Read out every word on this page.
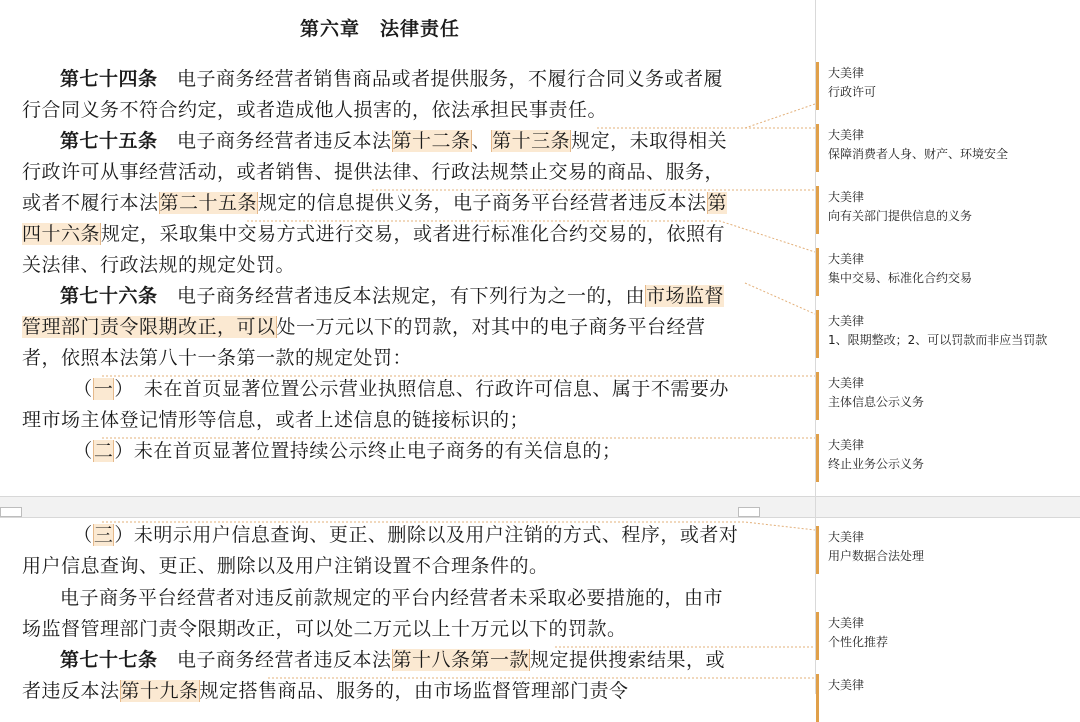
第六章　法律责任
第七十四条　电子商务经营者销售商品或者提供服务，不履行合同义务或者履行合同义务不符合约定，或者造成他人损害的，依法承担民事责任。
第七十五条　电子商务经营者违反本法第十二条、第十三条规定，未取得相关行政许可从事经营活动，或者销售、提供法律、行政法规禁止交易的商品、服务，或者不履行本法第二十五条规定的信息提供义务，电子商务平台经营者违反本法第四十六条规定，采取集中交易方式进行交易，或者进行标准化合约交易的，依照有关法律、行政法规的规定处罚。
第七十六条　电子商务经营者违反本法规定，有下列行为之一的，由市场监督管理部门责令限期改正，可以处一万元以下的罚款，对其中的电子商务平台经营者，依照本法第八十一条第一款的规定处罚：
（一）　未在首页显著位置公示营业执照信息、行政许可信息、属于不需要办理市场主体登记情形等信息，或者上述信息的链接标识的；
（二）未在首页显著位置持续公示终止电子商务的有关信息的；
（三）未明示用户信息查询、更正、删除以及用户注销的方式、程序，或者对用户信息查询、更正、删除以及用户注销设置不合理条件的。
电子商务平台经营者对违反前款规定的平台内经营者未采取必要措施的，由市场监督管理部门责令限期改正，可以处二万元以上十万元以下的罚款。
第七十七条　电子商务经营者违反本法第十八条第一款规定提供搜索结果，或者违反本法第十九条规定搭售商品、服务的，由市场监督管理部门责令
大美律
行政许可
大美律
保障消费者人身、财产、环境安全
大美律
向有关部门提供信息的义务
大美律
集中交易、标准化合约交易
大美律
1、限期整改；2、可以罚款而非应当罚款
大美律
主体信息公示义务
大美律
终止业务公示义务
大美律
用户数据合法处理
大美律
个性化推荐
大美律
